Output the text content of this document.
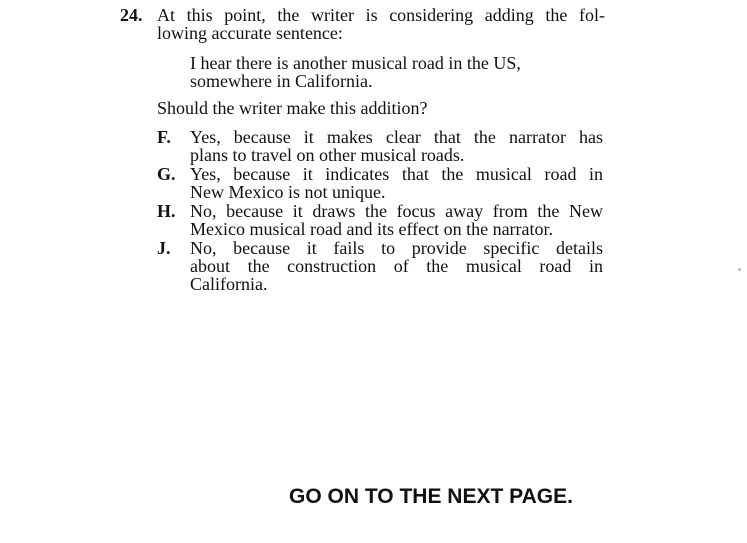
24. At this point, the writer is considering adding the fol-
lowing accurate sentence:
I hear there is another musical road in the US,
somewhere in California.
Should the writer make this addition?
F.	Yes, because it makes clear that the narrator has
plans to travel on other musical roads.
G. Yes, because it indicates that the musical road in
New Mexico is not unique.
H. No, because it draws the focus away from the New
Mexico musical road and its effect on the narrator.
J.	No, because it fails to provide specific details
about the construction of the musical road in
California.
GO ON TO THE NEXT PAGE.
